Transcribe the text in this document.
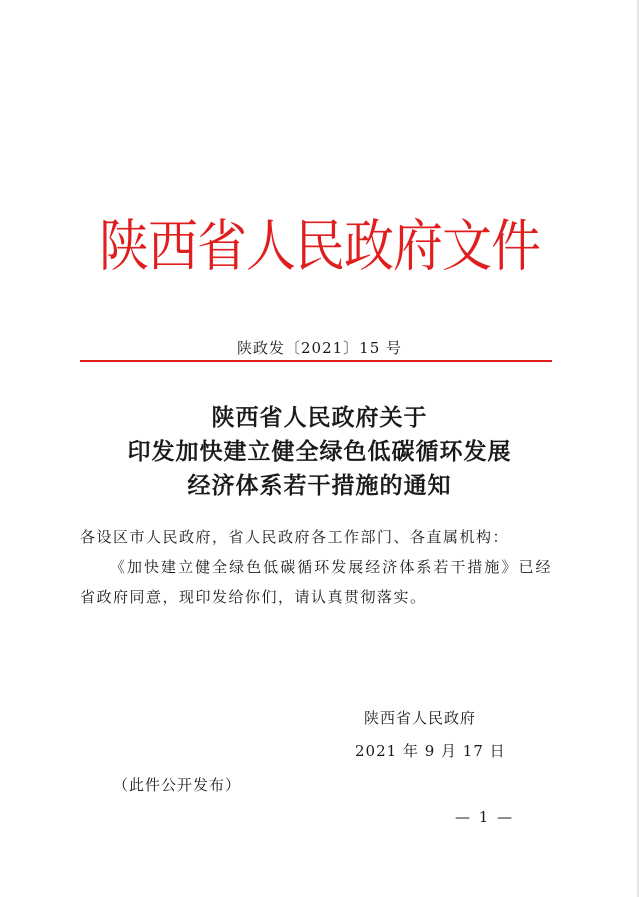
陕西省人民政府文件
陕政发〔2021〕15 号
陕西省人民政府关于
印发加快建立健全绿色低碳循环发展
经济体系若干措施的通知
各设区市人民政府，省人民政府各工作部门、各直属机构：
《加快建立健全绿色低碳循环发展经济体系若干措施》已经省政府同意，现印发给你们，请认真贯彻落实。
陕西省人民政府
2021 年 9 月 17 日
（此件公开发布）
— 1 —
